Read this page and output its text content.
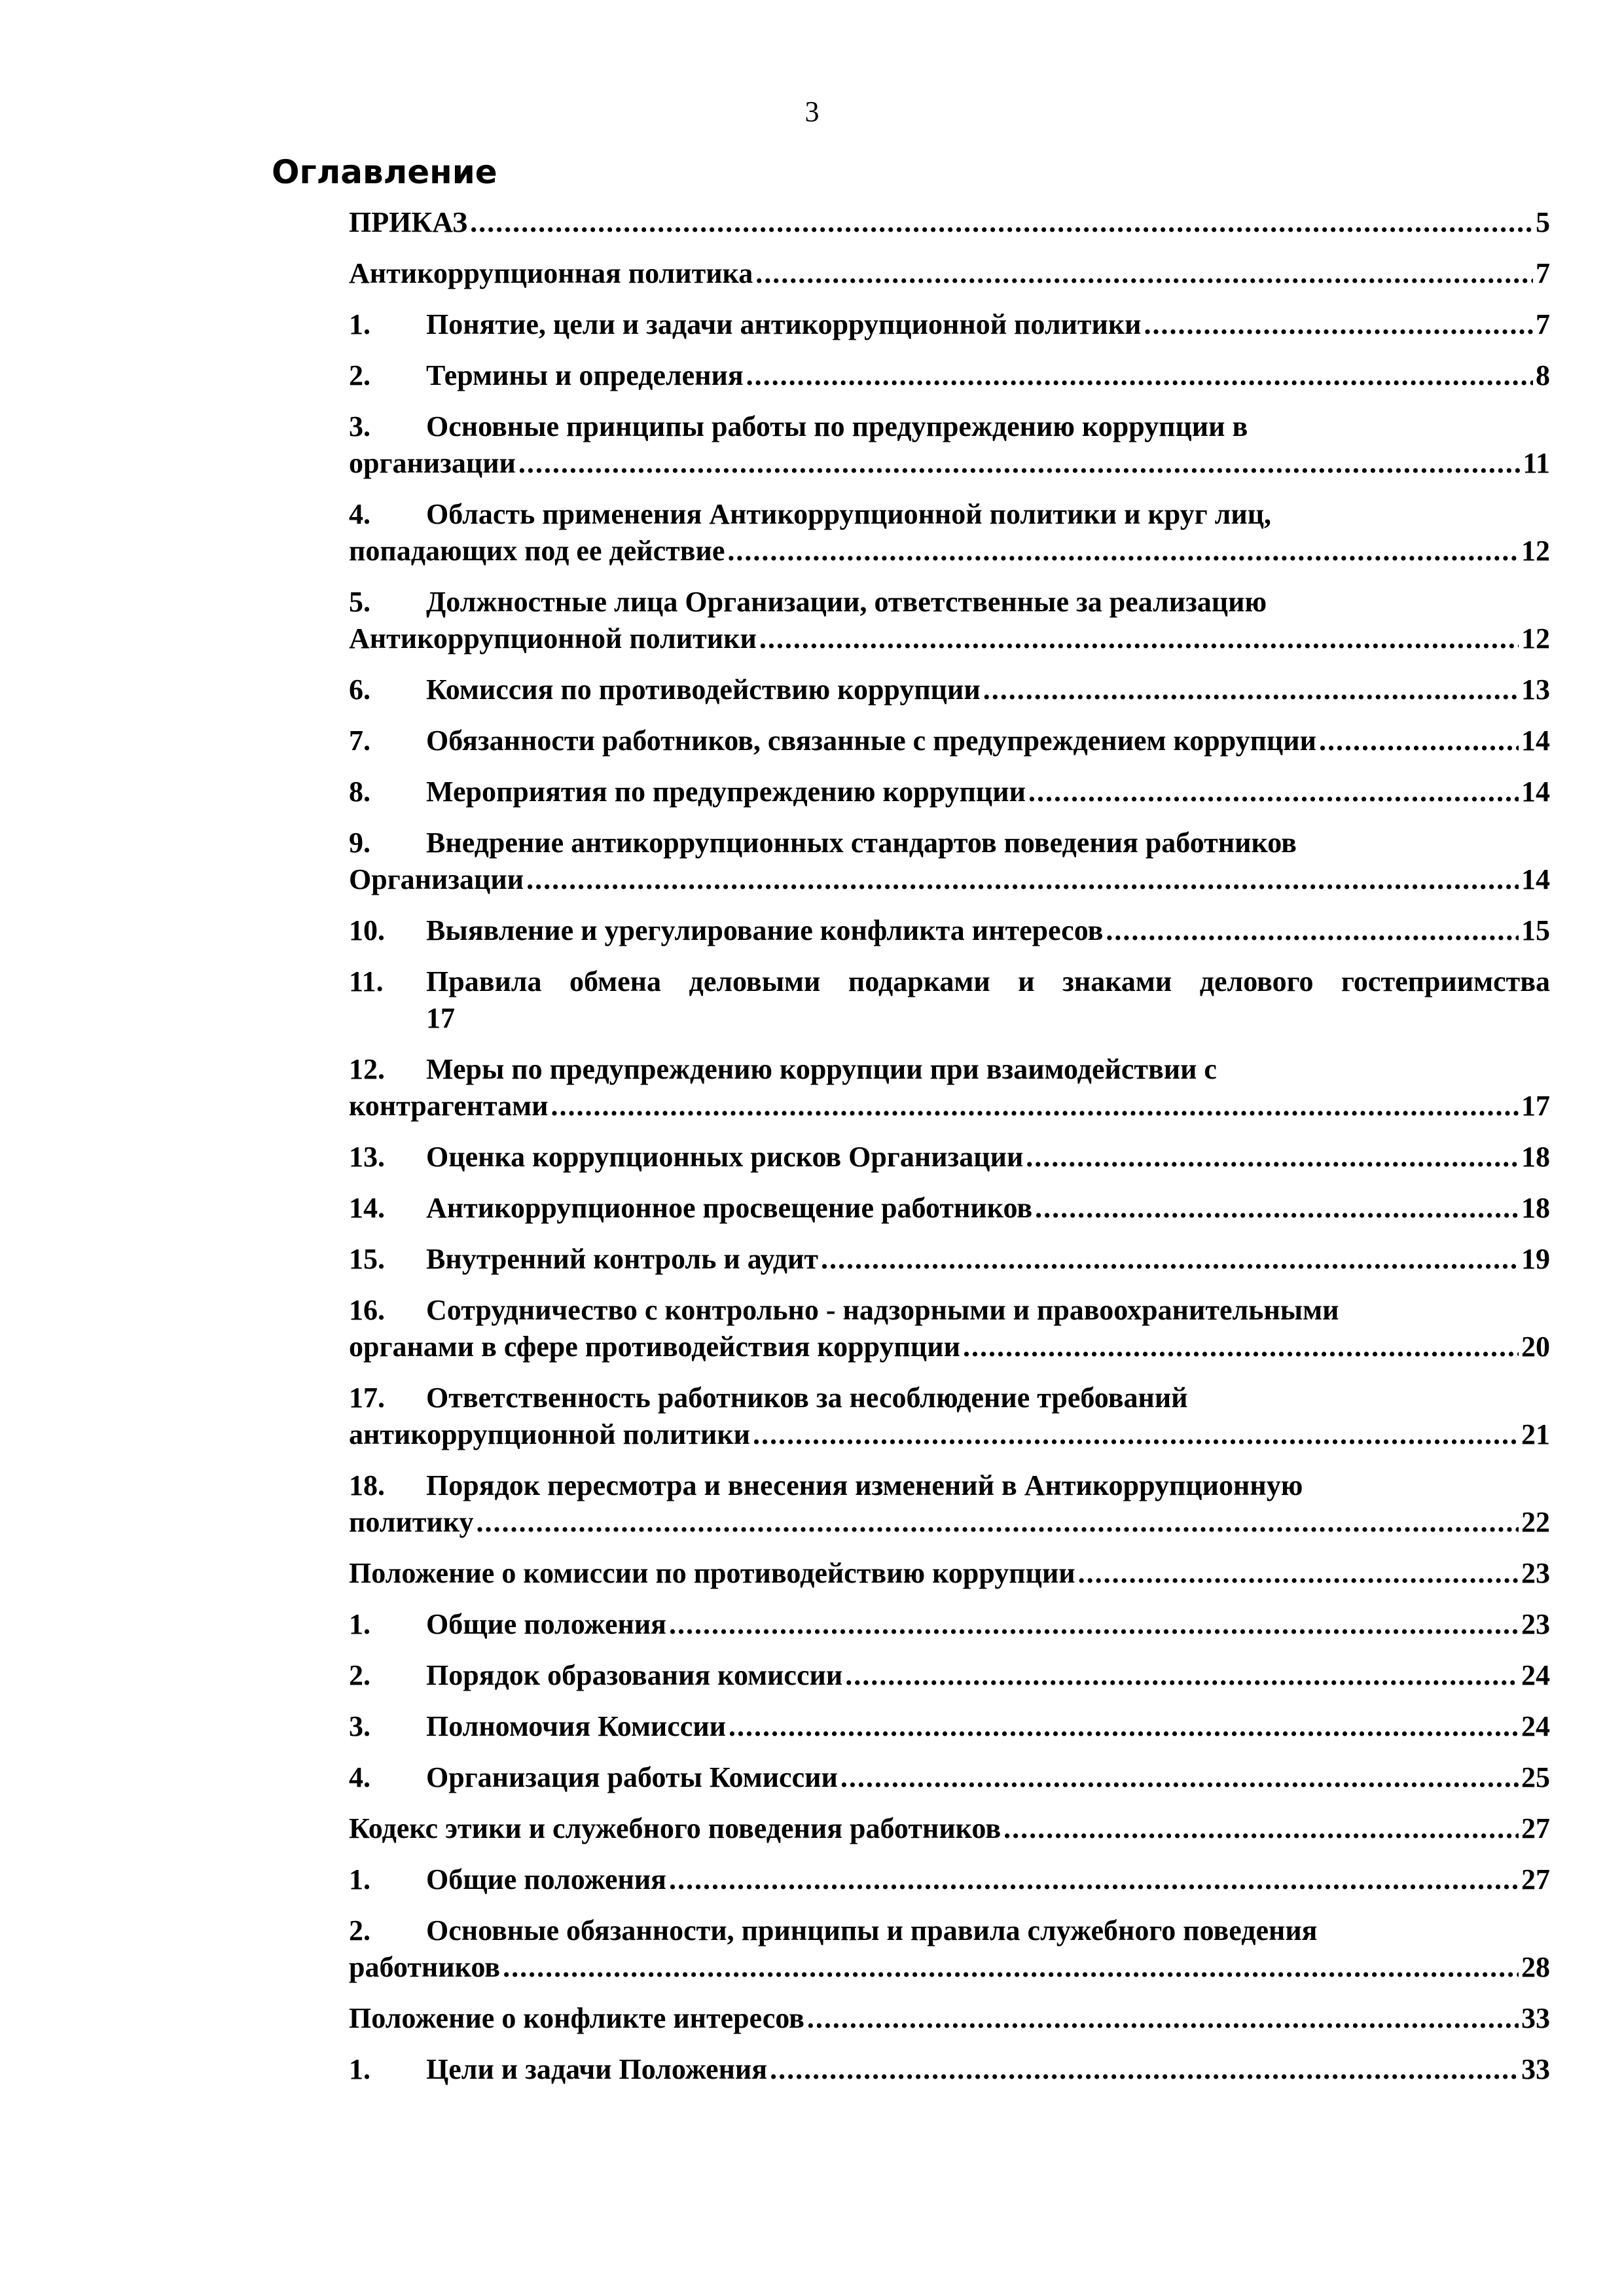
3
Оглавление
ПРИКАЗ .....	5
Антикоррупционная политика .....	7
1.	Понятие, цели и задачи антикоррупционной политики .....	7
2.	Термины и определения .....	8
3.	Основные принципы работы по предупреждению коррупции в
организации .....	11
4.	Область применения Антикоррупционной политики и круг лиц,
попадающих под ее действие .....	12
5.	Должностные лица Организации, ответственные за реализацию
Антикоррупционной политики .....	12
6.	Комиссия по противодействию коррупции .....	13
7.	Обязанности работников, связанные с предупреждением коррупции .....	14
8.	Мероприятия по предупреждению коррупции .....	14
9.	Внедрение антикоррупционных стандартов поведения работников
Организации .....	14
10.	Выявление и урегулирование конфликта интересов .....	15
11.	Правила обмена деловыми подарками и знаками делового гостеприимства
17
12.	Меры по предупреждению коррупции при взаимодействии с
контрагентами .....	17
13.	Оценка коррупционных рисков Организации .....	18
14.	Антикоррупционное просвещение работников .....	18
15.	Внутренний контроль и аудит .....	19
16.	Сотрудничество с контрольно - надзорными и правоохранительными
органами в сфере противодействия коррупции .....	20
17.	Ответственность работников за несоблюдение требований
антикоррупционной политики .....	21
18.	Порядок пересмотра и внесения изменений в Антикоррупционную
политику .....	22
Положение о комиссии по противодействию коррупции .....	23
1.	Общие положения .....	23
2.	Порядок образования комиссии .....	24
3.	Полномочия Комиссии .....	24
4.	Организация работы Комиссии .....	25
Кодекс этики и служебного поведения работников .....	27
1.	Общие положения .....	27
2.	Основные обязанности, принципы и правила служебного поведения
работников .....	28
Положение о конфликте интересов .....	33
1.	Цели и задачи Положения .....	33
